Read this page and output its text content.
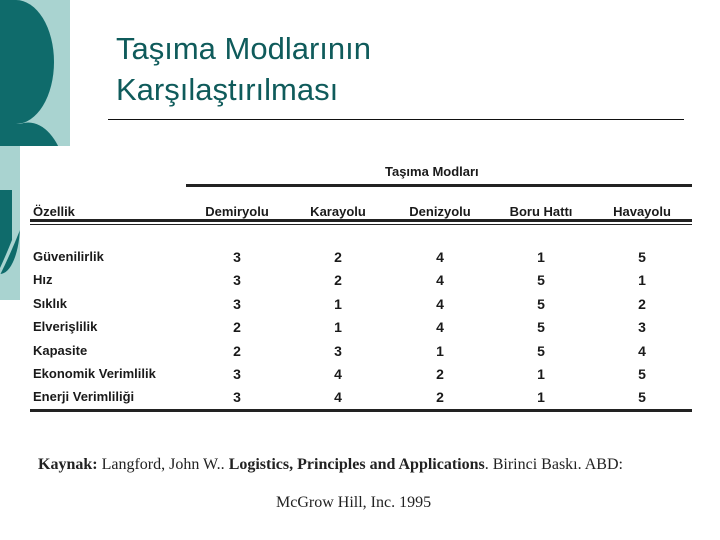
Taşıma Modlarının
Karşılaştırılması
Taşıma Modları
Özellik	Demiryolu	Karayolu	Denizyolu	Boru Hattı	Havayolu
Güvenilirlik	3	2	4	1	5
Hız	3	2	4	5	1
Sıklık	3	1	4	5	2
Elverişlilik	2	1	4	5	3
Kapasite	2	3	1	5	4
Ekonomik Verimlilik	3	4	2	1	5
Enerji Verimliliği	3	4	2	1	5
Kaynak: Langford, John W.. Logistics, Principles and Applications. Birinci Baskı. ABD:
McGrow Hill, Inc. 1995
